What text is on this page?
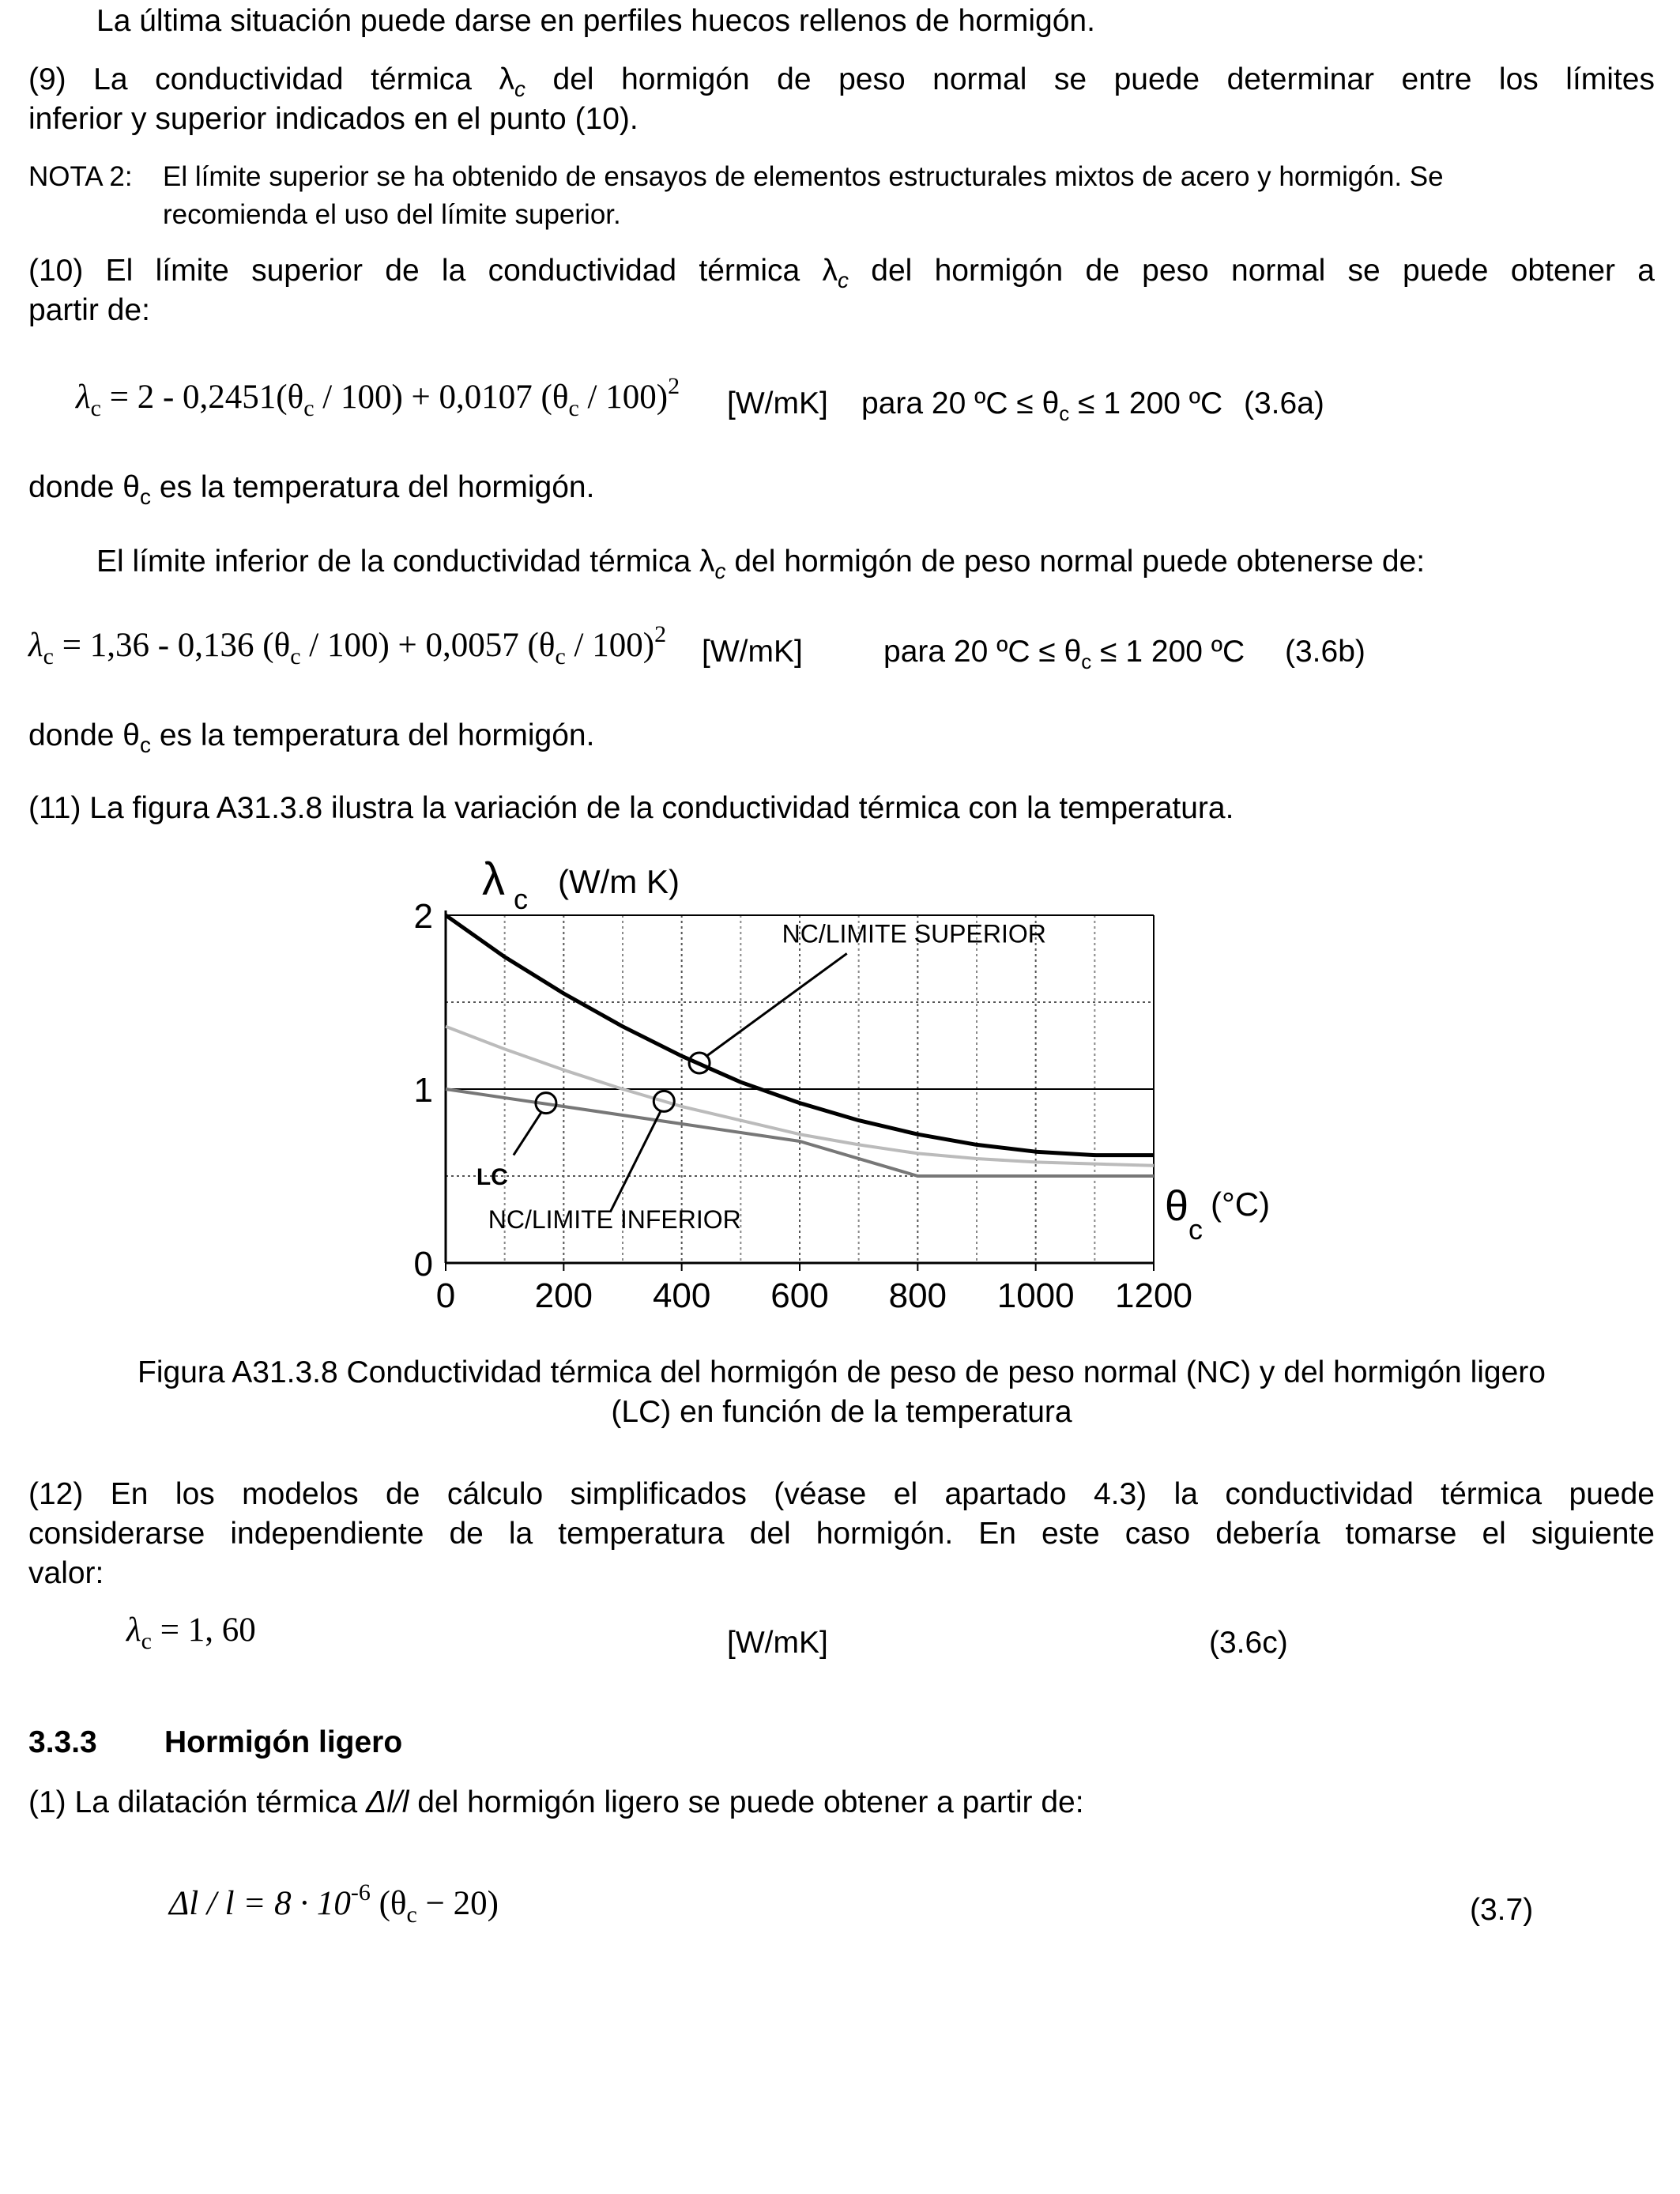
La última situación puede darse en perfiles huecos rellenos de hormigón.
(9) La conductividad térmica $\lambda_c$ del hormigón de peso normal se puede determinar entre los límites
inferior y superior indicados en el punto (10).
NOTA 2: El límite superior se ha obtenido de ensayos de elementos estructurales mixtos de acero y hormigón. Se
recomienda el uso del límite superior.
(10) El límite superior de la conductividad térmica $\lambda_c$ del hormigón de peso normal se puede obtener a
partir de:
λc = 2 - 0,2451(θc / 100) + 0,0107 (θc / 100)2
[W/mK] para 20 ºC ≤ $\theta_c \le 1$ 200 ºC (3.6a)
donde $\theta_c$ es la temperatura del hormigón.
El límite inferior de la conductividad térmica $\lambda_c$ del hormigón de peso normal puede obtenerse de:
λc = 1,36 - 0,136 (θc / 100) + 0,0057 (θc / 100)2
[W/mK]	para 20 ºC ≤ $\theta_c \le 1$ 200 ºC (3.6b)
donde $\theta_c$ es la temperatura del hormigón.
(11) La figura A31.3.8 ilustra la variación de la conductividad térmica con la temperatura.
0 200 400 600 800 1000 1200
0
1
2
λ c (W/m K)
θ c
(°C)
NC/LIMITE SUPERIOR
NC/LIMITE INFERIOR
LC
Figura A31.3.8 Conductividad térmica del hormigón de peso de peso normal (NC) y del hormigón ligero
(LC) en función de la temperatura
(12) En los modelos de cálculo simplificados (véase el apartado 4.3) la conductividad térmica puede
considerarse independiente de la temperatura del hormigón. En este caso debería tomarse el siguiente
valor:
λc = 1, 60	[W/mK]	(3.6c)
3.3.3 Hormigón ligero
(1) La dilatación térmica Δl/l del hormigón ligero se puede obtener a partir de:
Δl / l = 8 · 10-6 (θc − 20)	(3.7)
